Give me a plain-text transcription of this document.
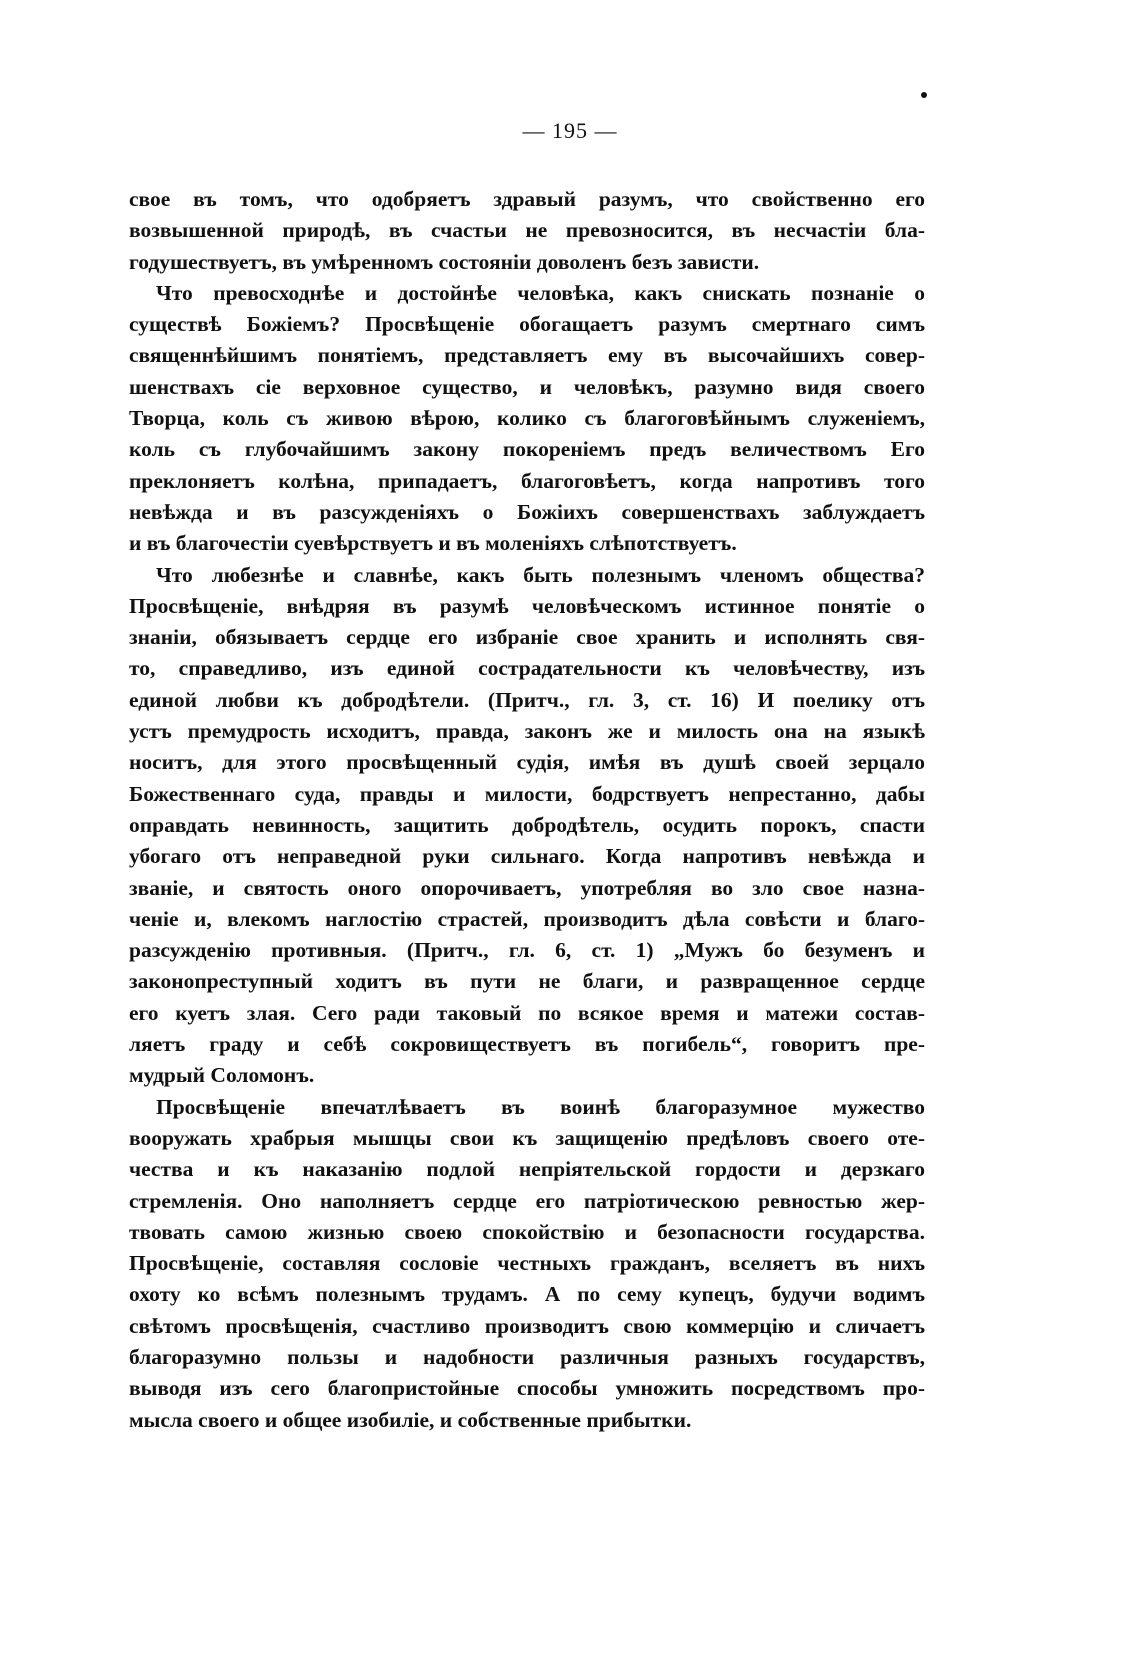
— 195 —
свое въ томъ, что одобряетъ здравый разумъ, что свойственно его
возвышенной природѣ, въ счастьи не превозносится, въ несчастіи бла-
годушествуетъ, въ умѣренномъ состояніи доволенъ безъ зависти.
Что превосходнѣе и достойнѣе человѣка, какъ снискать познаніе о
существѣ Божіемъ? Просвѣщеніе обогащаетъ разумъ смертнаго симъ
священнѣйшимъ понятіемъ, представляетъ ему въ высочайшихъ совер-
шенствахъ сіе верховное существо, и человѣкъ, разумно видя своего
Творца, коль съ живою вѣрою, колико съ благоговѣйнымъ служеніемъ,
коль съ глубочайшимъ закону покореніемъ предъ величествомъ Его
преклоняетъ колѣна, припадаетъ, благоговѣетъ, когда напротивъ того
невѣжда и въ разсужденіяхъ о Божіихъ совершенствахъ заблуждаетъ
и въ благочестіи суевѣрствуетъ и въ моленіяхъ слѣпотствуетъ.
Что любезнѣе и славнѣе, какъ быть полезнымъ членомъ общества?
Просвѣщеніе, внѣдряя въ разумѣ человѣческомъ истинное понятіе о
знаніи, обязываетъ сердце его избраніе свое хранить и исполнять свя-
то, справедливо, изъ единой сострадательности къ человѣчеству, изъ
единой любви къ добродѣтели. (Притч., гл. 3, ст. 16) И поелику отъ
устъ премудрость исходитъ, правда, законъ же и милость она на языкѣ
носитъ, для этого просвѣщенный судія, имѣя въ душѣ своей зерцало
Божественнаго суда, правды и милости, бодрствуетъ непрестанно, дабы
оправдать невинность, защитить добродѣтель, осудить порокъ, спасти
убогаго отъ неправедной руки сильнаго. Когда напротивъ невѣжда и
званіе, и святость оного опорочиваетъ, употребляя во зло свое назна-
ченіе и, влекомъ наглостію страстей, производитъ дѣла совѣсти и благо-
разсужденію противныя. (Притч., гл. 6, ст. 1) „Мужъ бо безуменъ и
законопреступный ходитъ въ пути не благи, и развращенное сердце
его куетъ злая. Сего ради таковый по всякое время и матежи состав-
ляетъ граду и себѣ сокровиществуетъ въ погибель“, говоритъ пре-
мудрый Соломонъ.
Просвѣщеніе впечатлѣваетъ въ воинѣ благоразумное мужество
вооружать храбрыя мышцы свои къ защищенію предѣловъ своего оте-
чества и къ наказанію подлой непріятельской гордости и дерзкаго
стремленія. Оно наполняетъ сердце его патріотическою ревностью жер-
твовать самою жизнью своею спокойствію и безопасности государства.
Просвѣщеніе, составляя сословіе честныхъ гражданъ, вселяетъ въ нихъ
охоту ко всѣмъ полезнымъ трудамъ. А по сему купецъ, будучи водимъ
свѣтомъ просвѣщенія, счастливо производитъ свою коммерцію и сличаетъ
благоразумно пользы и надобности различныя разныхъ государствъ,
выводя изъ сего благопристойные способы умножить посредствомъ про-
мысла своего и общее изобиліе, и собственные прибытки.
